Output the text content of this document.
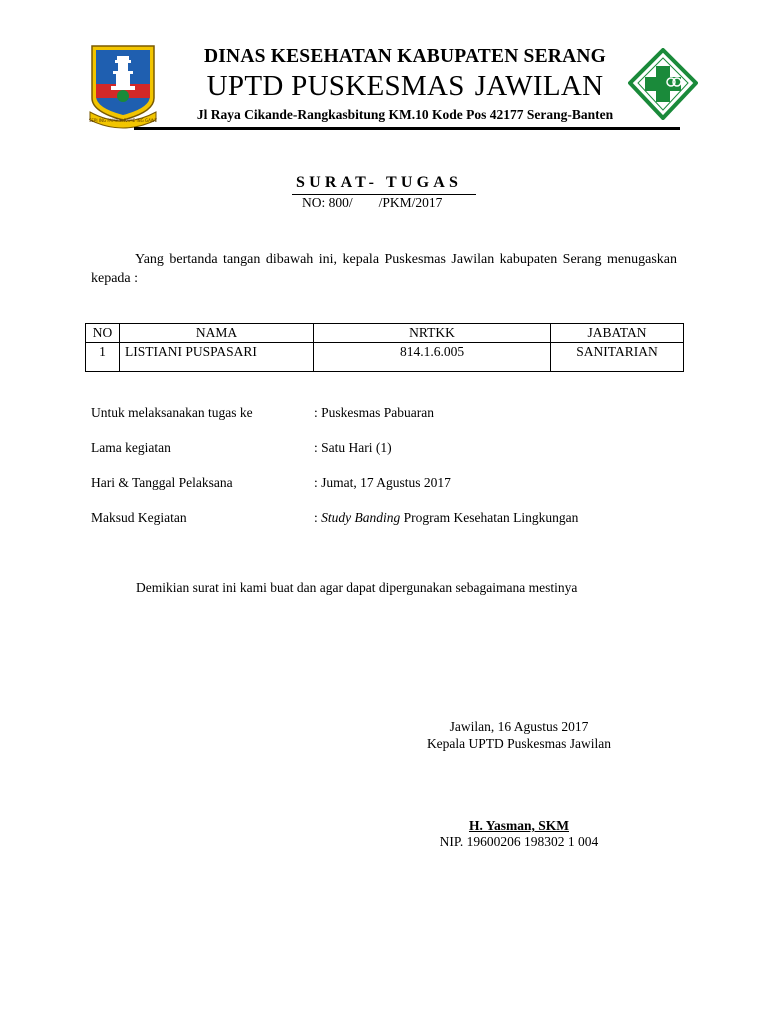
SEPI ING PAMRIH RAME ING GAWE
DINAS KESEHATAN KABUPATEN SERANG
UPTD PUSKESMAS JAWILAN
Jl Raya Cikande-Rangkasbitung KM.10 Kode Pos 42177 Serang-Banten
SURAT- TUGAS
NO: 800/ /PKM/2017
Yang bertanda tangan dibawah ini, kepala Puskesmas Jawilan kabupaten Serang menugaskan kepada :
NO	NAMA	NRTKK	JABATAN
1	LISTIANI PUSPASARI	814.1.6.005	SANITARIAN
Untuk melaksanakan tugas ke	: Puskesmas Pabuaran
Lama kegiatan	: Satu Hari (1)
Hari & Tanggal Pelaksana	: Jumat, 17 Agustus 2017
Maksud Kegiatan	: Study Banding Program Kesehatan Lingkungan
Demikian surat ini kami buat dan agar dapat dipergunakan sebagaimana mestinya
Jawilan, 16 Agustus 2017
Kepala UPTD Puskesmas Jawilan
H. Yasman, SKM
NIP. 19600206 198302 1 004
